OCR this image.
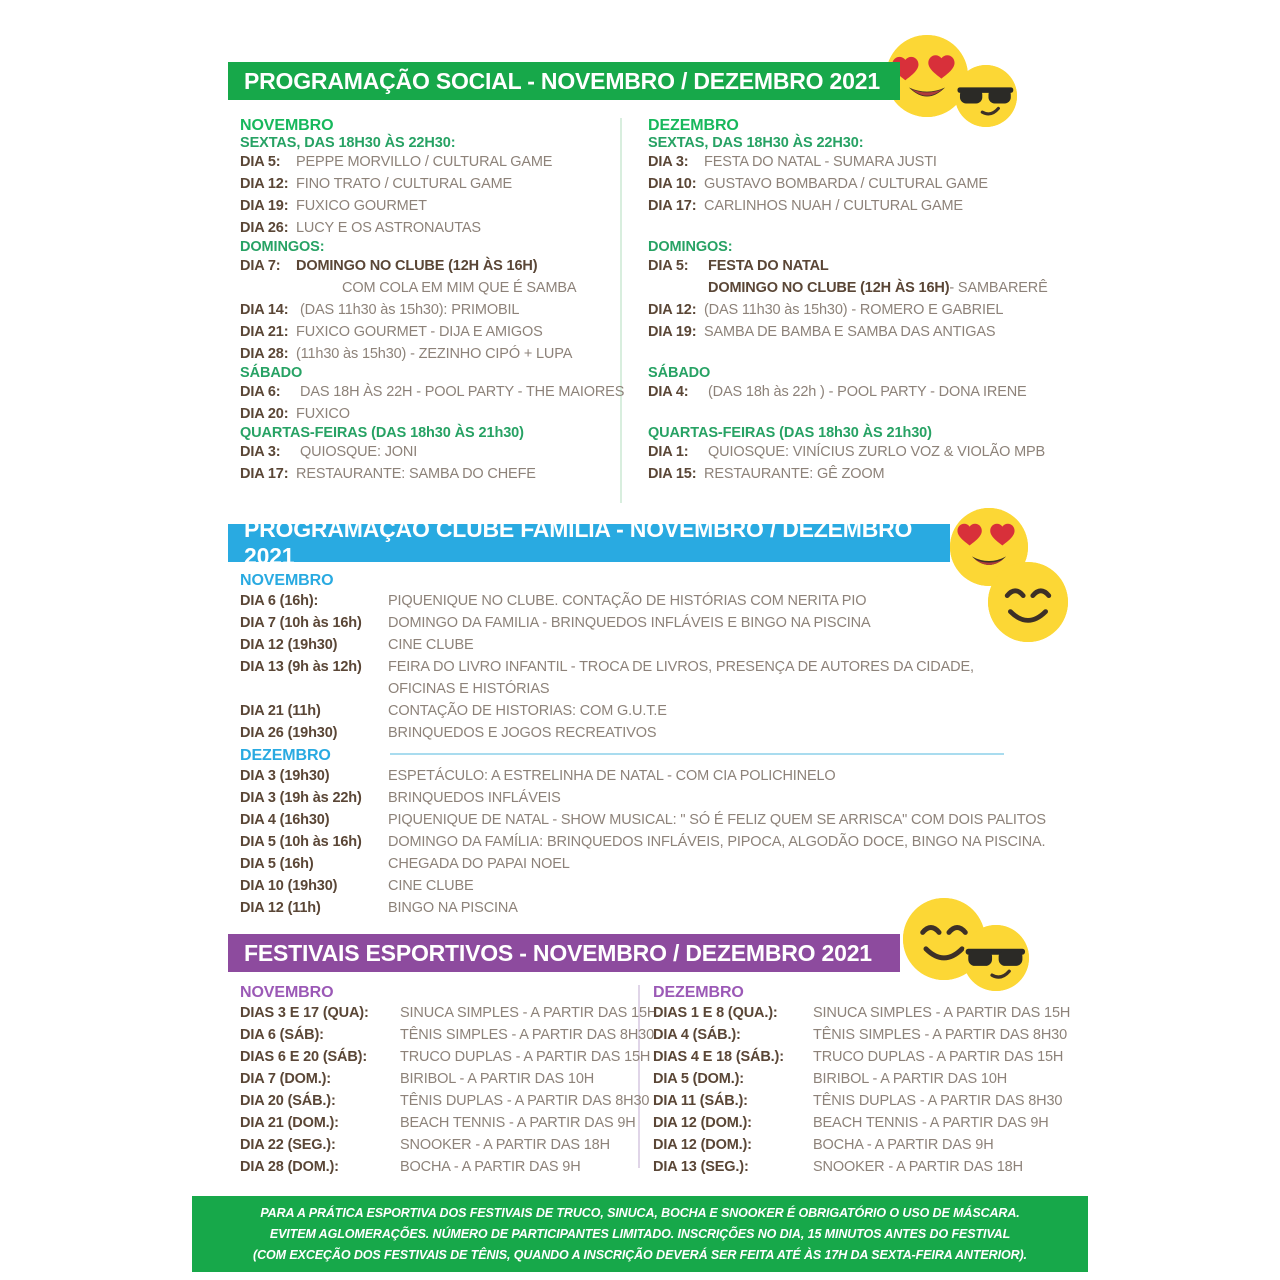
PROGRAMAÇÃO SOCIAL - NOVEMBRO / DEZEMBRO 2021
NOVEMBRO
SEXTAS, DAS 18H30 ÀS 22H30:
DIA 5:	PEPPE MORVILLO / CULTURAL GAME
DIA 12: FINO TRATO / CULTURAL GAME
DIA 19: FUXICO GOURMET
DIA 26: LUCY E OS ASTRONAUTAS
DOMINGOS:
DIA 7:	DOMINGO NO CLUBE (12H ÀS 16H)
COM COLA EM MIM QUE É SAMBA
DIA 14: (DAS 11h30 às 15h30): PRIMOBIL
DIA 21: FUXICO GOURMET - DIJA E AMIGOS
DIA 28: (11h30 às 15h30) - ZEZINHO CIPÓ + LUPA
SÁBADO
DIA 6:	DAS 18H ÀS 22H - POOL PARTY - THE MAIORES
DIA 20: FUXICO
QUARTAS-FEIRAS (DAS 18h30 ÀS 21h30)
DIA 3:	QUIOSQUE: JONI
DIA 17: RESTAURANTE: SAMBA DO CHEFE
DEZEMBRO
SEXTAS, DAS 18H30 ÀS 22H30:
DIA 3:	FESTA DO NATAL - SUMARA JUSTI
DIA 10: GUSTAVO BOMBARDA / CULTURAL GAME
DIA 17: CARLINHOS NUAH / CULTURAL GAME
DOMINGOS:
DIA 5:	FESTA DO NATAL
DOMINGO NO CLUBE (12H ÀS 16H) - SAMBARERÊ
DIA 12: (DAS 11h30 às 15h30) - ROMERO E GABRIEL
DIA 19: SAMBA DE BAMBA E SAMBA DAS ANTIGAS
SÁBADO
DIA 4:	(DAS 18h às 22h ) - POOL PARTY - DONA IRENE
QUARTAS-FEIRAS (DAS 18h30 ÀS 21h30)
DIA 1:	QUIOSQUE: VINÍCIUS ZURLO VOZ & VIOLÃO MPB
DIA 15: RESTAURANTE: GÊ ZOOM
PROGRAMAÇÃO CLUBE FAMÍLIA - NOVEMBRO / DEZEMBRO 2021
NOVEMBRO
DIA 6 (16h):	PIQUENIQUE NO CLUBE. CONTAÇÃO DE HISTÓRIAS COM NERITA PIO
DIA 7 (10h às 16h)	DOMINGO DA FAMILIA - BRINQUEDOS INFLÁVEIS E BINGO NA PISCINA
DIA 12 (19h30)	CINE CLUBE
DIA 13 (9h às 12h)	FEIRA DO LIVRO INFANTIL - TROCA DE LIVROS, PRESENÇA DE AUTORES DA CIDADE,
OFICINAS E HISTÓRIAS
DIA 21 (11h)	CONTAÇÃO DE HISTORIAS: COM G.U.T.E
DIA 26 (19h30)	BRINQUEDOS E JOGOS RECREATIVOS
DEZEMBRO
DIA 3 (19h30)	ESPETÁCULO: A ESTRELINHA DE NATAL - COM CIA POLICHINELO
DIA 3 (19h às 22h)	BRINQUEDOS INFLÁVEIS
DIA 4 (16h30)	PIQUENIQUE DE NATAL - SHOW MUSICAL: " SÓ É FELIZ QUEM SE ARRISCA" COM DOIS PALITOS
DIA 5 (10h às 16h)	DOMINGO DA FAMÍLIA: BRINQUEDOS INFLÁVEIS, PIPOCA, ALGODÃO DOCE, BINGO NA PISCINA.
DIA 5 (16h)	CHEGADA DO PAPAI NOEL
DIA 10 (19h30)	CINE CLUBE
DIA 12 (11h)	BINGO NA PISCINA
FESTIVAIS ESPORTIVOS - NOVEMBRO / DEZEMBRO 2021
NOVEMBRO
DIAS 3 E 17 (QUA):	SINUCA SIMPLES - A PARTIR DAS 15H
DIA 6 (SÁB):	TÊNIS SIMPLES - A PARTIR DAS 8H30
DIAS 6 E 20 (SÁB):	TRUCO DUPLAS - A PARTIR DAS 15H
DIA 7 (DOM.):	BIRIBOL - A PARTIR DAS 10H
DIA 20 (SÁB.):	TÊNIS DUPLAS - A PARTIR DAS 8H30
DIA 21 (DOM.):	BEACH TENNIS - A PARTIR DAS 9H
DIA 22 (SEG.):	SNOOKER - A PARTIR DAS 18H
DIA 28 (DOM.):	BOCHA - A PARTIR DAS 9H
DEZEMBRO
DIAS 1 E 8 (QUA.):	SINUCA SIMPLES - A PARTIR DAS 15H
DIA 4 (SÁB.):	TÊNIS SIMPLES - A PARTIR DAS 8H30
DIAS 4 E 18 (SÁB.):	TRUCO DUPLAS - A PARTIR DAS 15H
DIA 5 (DOM.):	BIRIBOL - A PARTIR DAS 10H
DIA 11 (SÁB.):	TÊNIS DUPLAS - A PARTIR DAS 8H30
DIA 12 (DOM.):	BEACH TENNIS - A PARTIR DAS 9H
DIA 12 (DOM.):	BOCHA - A PARTIR DAS 9H
DIA 13 (SEG.):	SNOOKER - A PARTIR DAS 18H
PARA A PRÁTICA ESPORTIVA DOS FESTIVAIS DE TRUCO, SINUCA, BOCHA E SNOOKER É OBRIGATÓRIO O USO DE MÁSCARA.
EVITEM AGLOMERAÇÕES. NÚMERO DE PARTICIPANTES LIMITADO. INSCRIÇÕES NO DIA, 15 MINUTOS ANTES DO FESTIVAL
(COM EXCEÇÃO DOS FESTIVAIS DE TÊNIS, QUANDO A INSCRIÇÃO DEVERÁ SER FEITA ATÉ ÀS 17H DA SEXTA-FEIRA ANTERIOR).
